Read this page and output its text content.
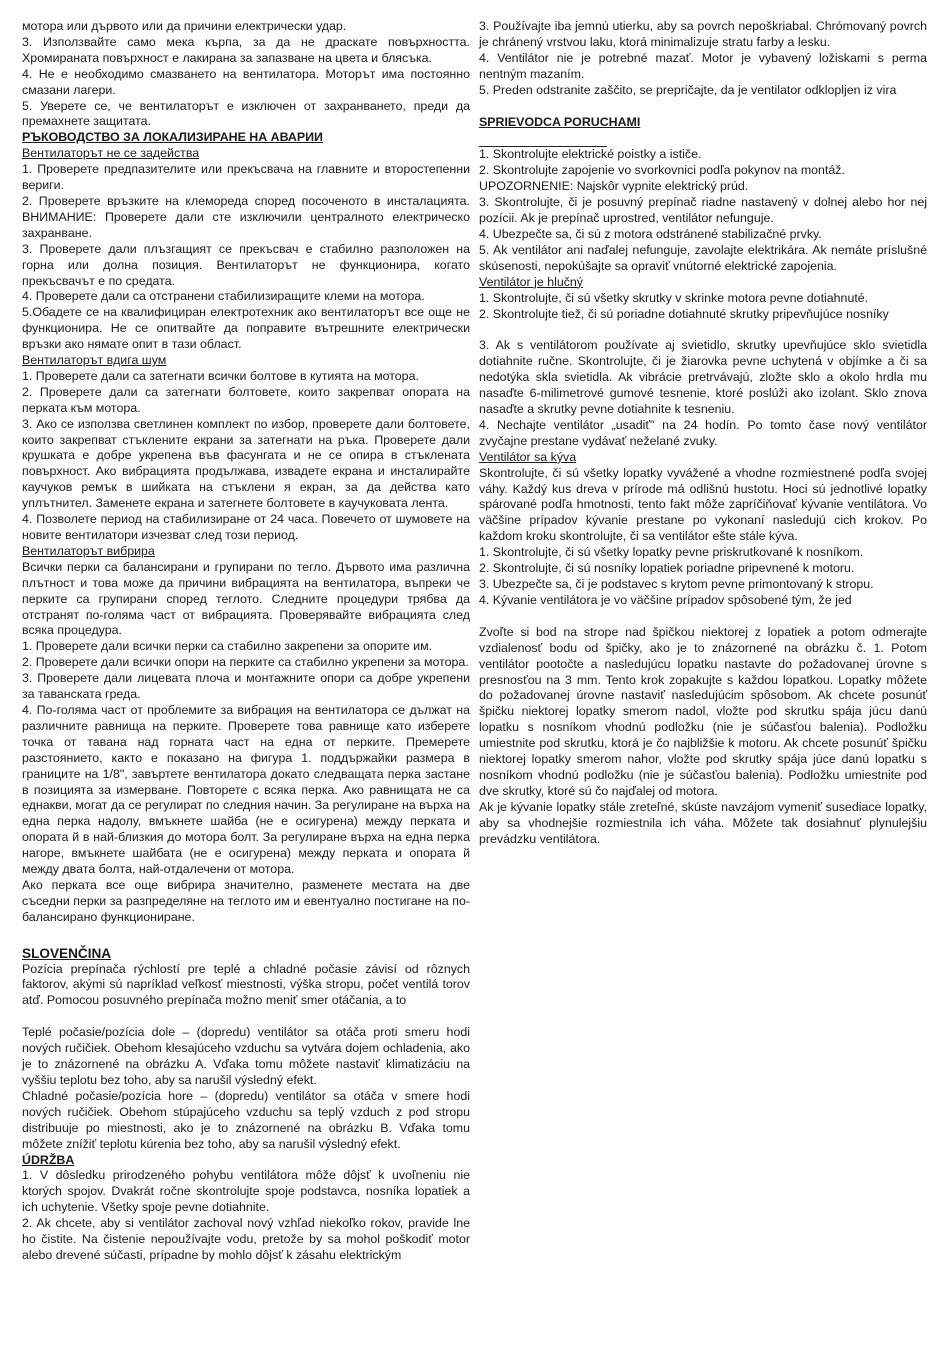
мотора или дървото или да причини електрически удар.

3. Използвайте само мека кърпа, за да не драскате повърхността. Хромираната повърхност е лакирана за запазване на цвета и блясъка.

4. Не е необходимо смазването на вентилатора. Моторът има постоянно смазани лагери.

5. Уверете се, че вентилаторът е изключен от захранването, преди да премахнете защитата.

РЪКОВОДСТВО ЗА ЛОКАЛИЗИРАНЕ НА АВАРИИ

Вентилаторът не се задейства

1. Проверете предпазителите или прекъсвача на главните и второстепенни вериги.

2. Проверете връзките на клемореда според посоченото в инсталацията. ВНИМАНИЕ: Проверете дали сте изключили централното електрическо захранване.

3. Проверете дали плъзгащият се прекъсвач е стабилно разположен на горна или долна позиция. Вентилаторът не функционира, когато прекъсвачът е по средата.

4. Проверете дали са отстранени стабилизиращите клеми на мотора.

5.Обадете се на квалифициран електротехник ако вентилаторът все още не функционира. Не се опитвайте да поправите вътрешните електрически връзки ако нямате опит в тази област.

Вентилаторът вдига шум

1. Проверете дали са затегнати всички болтове в кутията на мотора.

2. Проверете дали са затегнати болтовете, които закрепват опората на перката към мотора.

3. Ако се използва светлинен комплект по избор, проверете дали болтовете, които закрепват стъклените екрани за затегнати на ръка. Проверете дали крушката е добре укрепена във фасунгата и не се опира в стъклената повърхност. Ако вибрацията продължава, извадете екрана и инсталирайте каучуков ремък в шийката на стъклени я екран, за да действа като уплътнител. Заменете екрана и затегнете болтовете в каучуковата лента.

4. Позволете период на стабилизиране от 24 часа. Повечето от шумовете на новите вентилатори изчезват след този период.

Вентилаторът вибрира

Всички перки са балансирани и групирани по тегло. Дървото има различна плътност и това може да причини вибрацията на вентилатора, въпреки че перките са групирани според теглото. Следните процедури трябва да отстранят по-голяма част от вибрацията. Проверявайте вибрацията след всяка процедура.

1. Проверете дали всички перки са стабилно закрепени за опорите им.

2. Проверете дали всички опори на перките са стабилно укрепени за мотора.

3. Проверете дали лицевата плоча и монтажните опори са добре укрепени за таванската греда.

4. По-голяма част от проблемите за вибрация на вентилатора се дължат на различните равнища на перките. Проверете това равнище като изберете точка от тавана над горната част на една от перките. Премерете разстоянието, както е показано на фигура 1. поддържайки размера в границите на 1/8", завъртете вентилатора докато следващата перка застане в позицията за измерване. Повторете с всяка перка. Ако равнищата не са еднакви, могат да се регулират по следния начин. За регулиране на върха на една перка надолу, вмъкнете шайба (не е осигурена) между перката и опората й в най-близкия до мотора болт. За регулиране върха на една перка нагоре, вмъкнете шайбата (не е осигурена) между перката и опората й между двата болта, най-отдалечени от мотора.

Ако перката все още вибрира значително, разменете местата на две съседни перки за разпределяне на теглото им и евентуално постигане на по-балансирано функциониране.

SLOVENČINA

Pozícia prepínača rýchlostí pre teplé a chladné počasie závisí od rôznych faktorov, akými sú napríklad veľkosť miestnosti, výška stropu, počet ventilá torov atď. Pomocou posuvného prepínača možno meniť smer otáčania, a to

Teplé počasie/pozícia dole – (dopredu) ventilátor sa otáča proti smeru hodi nových ručičiek. Obehom klesajúceho vzduchu sa vytvára dojem ochladenia, ako je to znázornené na obrázku A. Vďaka tomu môžete nastaviť klimatizáciu na vyššiu teplotu bez toho, aby sa narušil výsledný efekt.

Chladné počasie/pozícia hore – (dopredu) ventilátor sa otáča v smere hodi nových ručičiek. Obehom stúpajúceho vzduchu sa teplý vzduch z pod stropu distribuuje po miestnosti, ako je to znázornené na obrázku B. Vďaka tomu môžete znížiť teplotu kúrenia bez toho, aby sa narušil výsledný efekt.

ÚDRŽBA

1. V dôsledku prirodzeného pohybu ventilátora môže dôjsť k uvoľneniu nie ktorých spojov. Dvakrát ročne skontrolujte spoje podstavca, nosníka lopatiek a ich uchytenie. Všetky spoje pevne dotiahnite.

2. Ak chcete, aby si ventilátor zachoval nový vzhľad niekoľko rokov, pravide lne ho čistite. Na čistenie nepoužívajte vodu, pretože by sa mohol poškodiť motor alebo drevené súčasti, prípadne by mohlo dôjsť k zásahu elektrickým

3. Používajte iba jemnú utierku, aby sa povrch nepoškriabal. Chrómovaný povrch je chránený vrstvou laku, ktorá minimalizuje stratu farby a lesku.

4. Ventilátor nie je potrebné mazať. Motor je vybavený ložiskami s perma nentným mazaním.

5. Preden odstranite zaščito, se prepričajte, da je ventilator odklopljen iz vira

SPRIEVODCA PORUCHAMI

1. Skontrolujte elektrické poistky a ističe.

2. Skontrolujte zapojenie vo svorkovnici podľa pokynov na montáž.

UPOZORNENIE: Najskôr vypnite elektrický prúd.

3. Skontrolujte, či je posuvný prepínač riadne nastavený v dolnej alebo hor nej pozícii. Ak je prepínač uprostred, ventilátor nefunguje.

4. Ubezpečte sa, či sú z motora odstránené stabilizačné prvky.

5. Ak ventilátor ani naďalej nefunguje, zavolajte elektrikára. Ak nemáte príslušné skúsenosti, nepokúšajte sa opraviť vnútorné elektrické zapojenia.

Ventilátor je hlučný

1. Skontrolujte, či sú všetky skrutky v skrinke motora pevne dotiahnuté.

2. Skontrolujte tiež, či sú poriadne dotiahnuté skrutky pripevňujúce nosníky

3. Ak s ventilátorom používate aj svietidlo, skrutky upevňujúce sklo svietidla dotiahnite ručne. Skontrolujte, či je žiarovka pevne uchytená v objímke a či sa nedotýka skla svietidla. Ak vibrácie pretrvávajú, zložte sklo a okolo hrdla mu nasaďte 6-milimetrové gumové tesnenie, ktoré poslúži ako izolant. Sklo znova nasaďte a skrutky pevne dotiahnite k tesneniu.

4. Nechajte ventilátor „usadiť" na 24 hodín. Po tomto čase nový ventilátor zvyčajne prestane vydávať neželané zvuky.

Ventilátor sa kýva

Skontrolujte, či sú všetky lopatky vyvážené a vhodne rozmiestnené podľa svojej váhy. Každý kus dreva v prírode má odlišnú hustotu. Hoci sú jednotlivé lopatky spárované podľa hmotnosti, tento fakt môže zapríčiňovať kývanie ventilátora. Vo väčšine prípadov kývanie prestane po vykonaní nasledujú cich krokov. Po každom kroku skontrolujte, či sa ventilátor ešte stále kýva.

1. Skontrolujte, či sú všetky lopatky pevne priskrutkované k nosníkom.

2. Skontrolujte, či sú nosníky lopatiek poriadne pripevnené k motoru.

3. Ubezpečte sa, či je podstavec s krytom pevne primontovaný k stropu.

4. Kývanie ventilátora je vo väčšine prípadov spôsobené tým, že jed

Zvoľte si bod na strope nad špičkou niektorej z lopatiek a potom odmerajte vzdialenosť bodu od špičky, ako je to znázornené na obrázku č. 1. Potom ventilátor pootočte a nasledujúcu lopatku nastavte do požadovanej úrovne s presnosťou na 3 mm. Tento krok zopakujte s každou lopatkou. Lopatky môžete do požadovanej úrovne nastaviť nasledujúcim spôsobom. Ak chcete posunúť špičku niektorej lopatky smerom nadol, vložte pod skrutku spája júcu danú lopatku s nosníkom vhodnú podložku (nie je súčasťou balenia). Podložku umiestnite pod skrutku, ktorá je čo najbližšie k motoru. Ak chcete posunúť špičku niektorej lopatky smerom nahor, vložte pod skrutky spája júce danú lopatku s nosníkom vhodnú podložku (nie je súčasťou balenia). Podložku umiestnite pod dve skrutky, ktoré sú čo najďalej od motora.

Ak je kývanie lopatky stále zreteľné, skúste navzájom vymeniť susediace lopatky, aby sa vhodnejšie rozmiestnila ich váha. Môžete tak dosiahnuť plynulejšiu prevádzku ventilátora.
